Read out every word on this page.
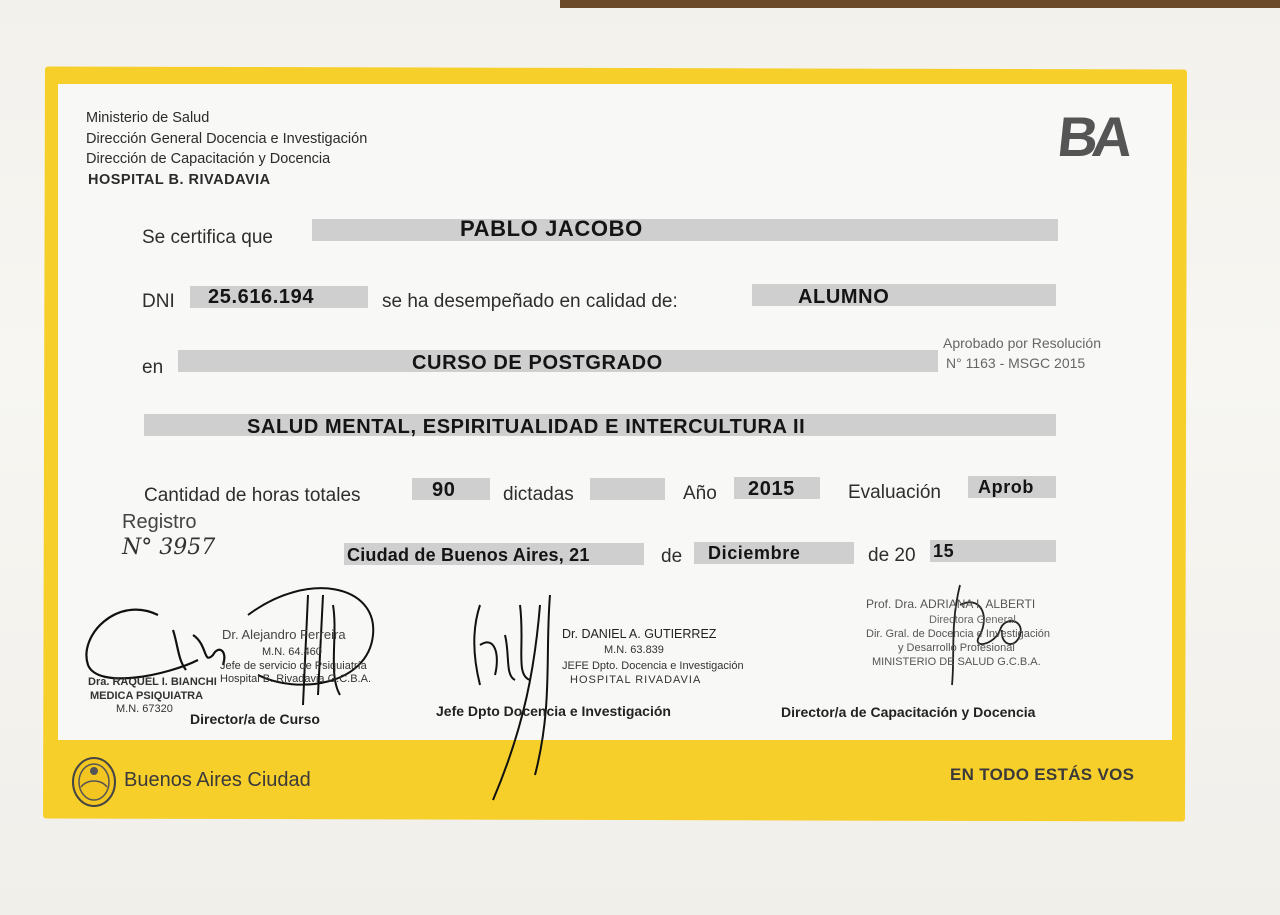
Ministerio de Salud
Dirección General Docencia e Investigación
Dirección de Capacitación y Docencia
HOSPITAL B. RIVADAVIA
BA
Se certifica que	PABLO JACOBO
DNI 25.616.194	se ha desempeñado en calidad de:	ALUMNO
Aprobado por Resolución
N° 1163 - MSGC 2015
en	CURSO DE POSTGRADO
SALUD MENTAL, ESPIRITUALIDAD E INTERCULTURA II
Cantidad de horas totales	90	dictadas	Año 2015	Evaluación Aprob
Registro
N° 3957	Ciudad de Buenos Aires, 21	de Diciembre	de 20 15
Dr. Alejandro Ferreira
M.N. 64.460
Jefe de servicio de Psiquiatría
Hospital B. Rivadavia G.C.B.A.
Dra. RAQUEL I. BIANCHI
MEDICA PSIQUIATRA
M.N. 67320
Director/a de Curso
Dr. DANIEL A. GUTIERREZ
M.N. 63.839
JEFE Dpto. Docencia e Investigación
HOSPITAL RIVADAVIA
Jefe Dpto Docencia e Investigación
Prof. Dra. ADRIANA I. ALBERTI
Directora General
Dir. Gral. de Docencia e Investigación
y Desarrollo Profesional
MINISTERIO DE SALUD G.C.B.A.
Director/a de Capacitación y Docencia
Buenos Aires Ciudad	EN TODO ESTÁS VOS
